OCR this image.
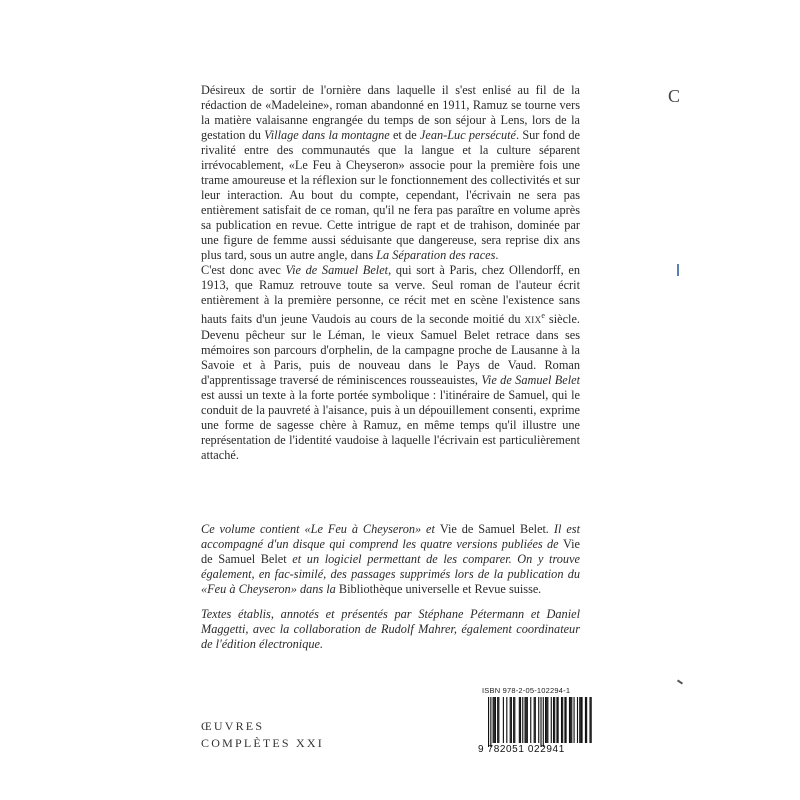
Désireux de sortir de l'ornière dans laquelle il s'est enlisé au fil de la rédaction de «Madeleine», roman abandonné en 1911, Ramuz se tourne vers la matière valaisanne engrangée du temps de son séjour à Lens, lors de la gestation du Village dans la montagne et de Jean-Luc persécuté. Sur fond de rivalité entre des communautés que la langue et la culture séparent irrévocablement, «Le Feu à Cheyseron» associe pour la première fois une trame amoureuse et la réflexion sur le fonctionnement des collectivités et sur leur interaction. Au bout du compte, cependant, l'écrivain ne sera pas entièrement satisfait de ce roman, qu'il ne fera pas paraître en volume après sa publication en revue. Cette intrigue de rapt et de trahison, dominée par une figure de femme aussi séduisante que dangereuse, sera reprise dix ans plus tard, sous un autre angle, dans La Séparation des races.

C'est donc avec Vie de Samuel Belet, qui sort à Paris, chez Ollendorff, en 1913, que Ramuz retrouve toute sa verve. Seul roman de l'auteur écrit entièrement à la première personne, ce récit met en scène l'existence sans hauts faits d'un jeune Vaudois au cours de la seconde moitié du XIXe siècle. Devenu pêcheur sur le Léman, le vieux Samuel Belet retrace dans ses mémoires son parcours d'orphelin, de la campagne proche de Lausanne à la Savoie et à Paris, puis de nouveau dans le Pays de Vaud. Roman d'apprentissage traversé de réminiscences rousseauistes, Vie de Samuel Belet est aussi un texte à la forte portée symbolique : l'itinéraire de Samuel, qui le conduit de la pauvreté à l'aisance, puis à un dépouillement consenti, exprime une forme de sagesse chère à Ramuz, en même temps qu'il illustre une représentation de l'identité vaudoise à laquelle l'écrivain est particulièrement attaché.

Ce volume contient «Le Feu à Cheyseron» et Vie de Samuel Belet. Il est accompagné d'un disque qui comprend les quatre versions publiées de Vie de Samuel Belet et un logiciel permettant de les comparer. On y trouve également, en fac-similé, des passages supprimés lors de la publication du «Feu à Cheyseron» dans la Bibliothèque universelle et Revue suisse.
Textes établis, annotés et présentés par Stéphane Pétermann et Daniel Maggetti, avec la collaboration de Rudolf Mahrer, également coordinateur de l'édition électronique.
C
ŒUVRES
COMPLÈTES XXI
ISBN 978-2-05-102294-1
9 782051 022941
